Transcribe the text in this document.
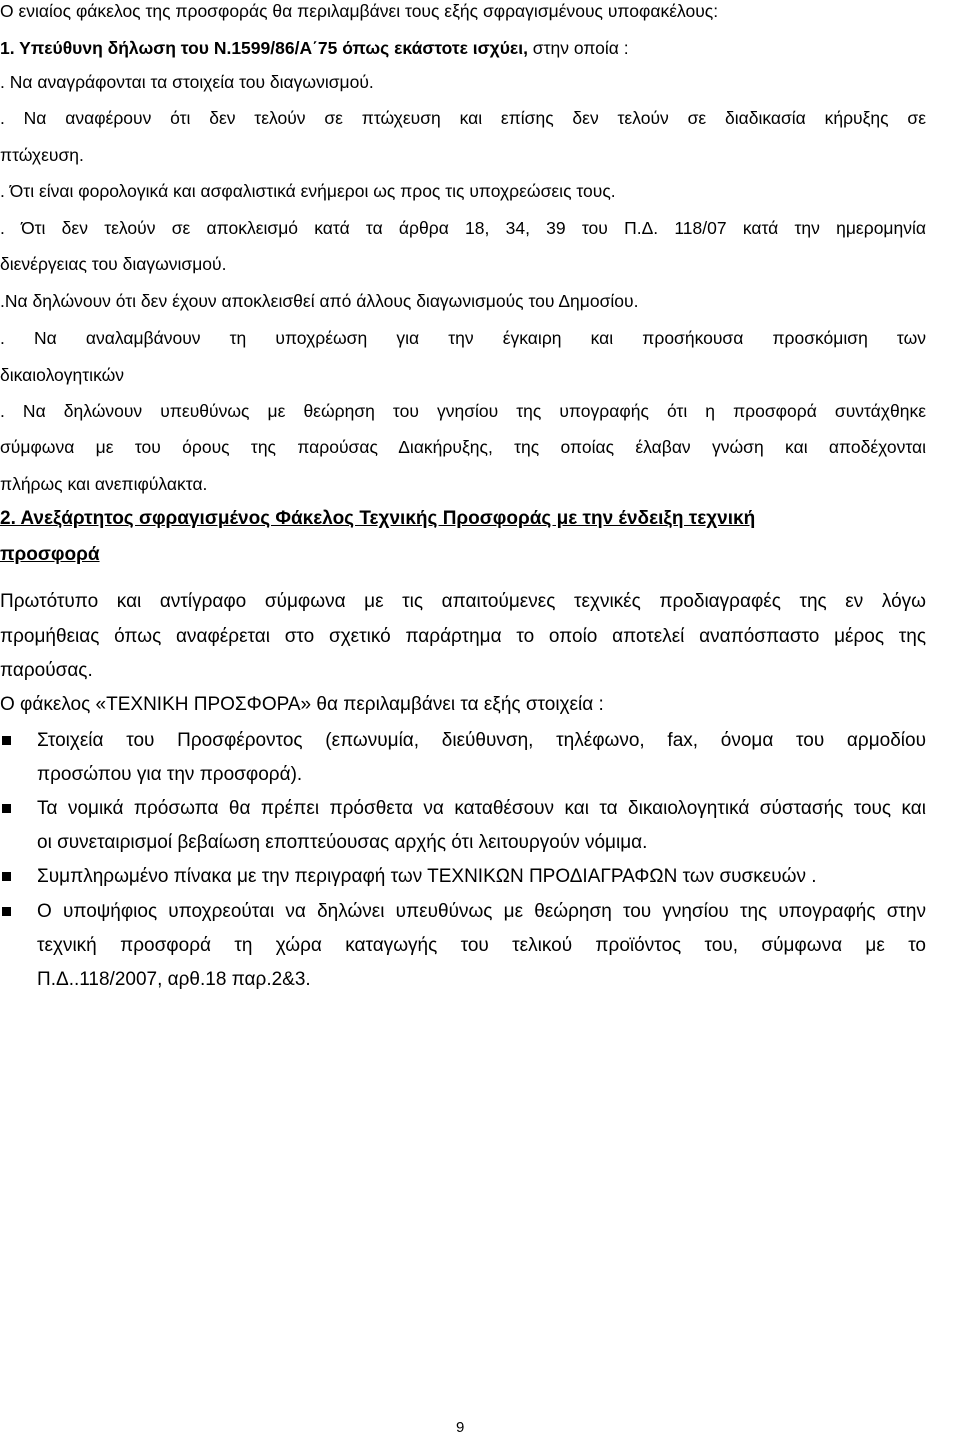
Ο ενιαίος φάκελος της προσφοράς θα περιλαμβάνει τους εξής σφραγισμένους υποφακέλους:
1. Υπεύθυνη δήλωση του Ν.1599/86/Α΄75 όπως εκάστοτε ισχύει, στην οποία :
. Να αναγράφονται τα στοιχεία του διαγωνισμού.
. Να αναφέρουν ότι δεν τελούν σε πτώχευση και επίσης δεν τελούν σε διαδικασία κήρυξης σε
πτώχευση.
. Ότι είναι φορολογικά και ασφαλιστικά ενήμεροι ως προς τις υποχρεώσεις τους.
. Ότι δεν τελούν σε αποκλεισμό κατά τα άρθρα 18, 34, 39 του Π.Δ. 118/07 κατά την ημερομηνία
διενέργειας του διαγωνισμού.
.Να δηλώνουν ότι δεν έχουν αποκλεισθεί από άλλους διαγωνισμούς του Δημοσίου.
. Να αναλαμβάνουν τη υποχρέωση για την έγκαιρη και προσήκουσα προσκόμιση των
δικαιολογητικών
. Να δηλώνουν υπευθύνως με θεώρηση του γνησίου της υπογραφής ότι η προσφορά συντάχθηκε
σύμφωνα με του όρους της παρούσας Διακήρυξης, της οποίας έλαβαν γνώση και αποδέχονται
πλήρως και ανεπιφύλακτα.
2. Ανεξάρτητος σφραγισμένος Φάκελος Τεχνικής Προσφοράς με την ένδειξη τεχνική
προσφορά
Πρωτότυπο και αντίγραφο σύμφωνα με τις απαιτούμενες τεχνικές προδιαγραφές της εν λόγω
προμήθειας όπως αναφέρεται στο σχετικό παράρτημα το οποίο αποτελεί αναπόσπαστο μέρος της
παρούσας.
Ο φάκελος «ΤΕΧΝΙΚΗ ΠΡΟΣΦΟΡΑ» θα περιλαμβάνει τα εξής στοιχεία :
Στοιχεία του Προσφέροντος (επωνυμία, διεύθυνση, τηλέφωνο, fax, όνομα του αρμοδίου
προσώπου για την προσφορά).
Τα νομικά πρόσωπα θα πρέπει πρόσθετα να καταθέσουν και τα δικαιολογητικά σύστασής τους και
οι συνεταιρισμοί βεβαίωση εποπτεύουσας αρχής ότι λειτουργούν νόμιμα.
Συμπληρωμένο πίνακα με την περιγραφή των ΤΕΧΝΙΚΩΝ ΠΡΟΔΙΑΓΡΑΦΩΝ των συσκευών .
Ο υποψήφιος υποχρεούται να δηλώνει υπευθύνως με θεώρηση του γνησίου της υπογραφής στην
τεχνική προσφορά τη χώρα καταγωγής του τελικού προϊόντος του, σύμφωνα με το
Π.Δ..118/2007, αρθ.18 παρ.2&3.
9
